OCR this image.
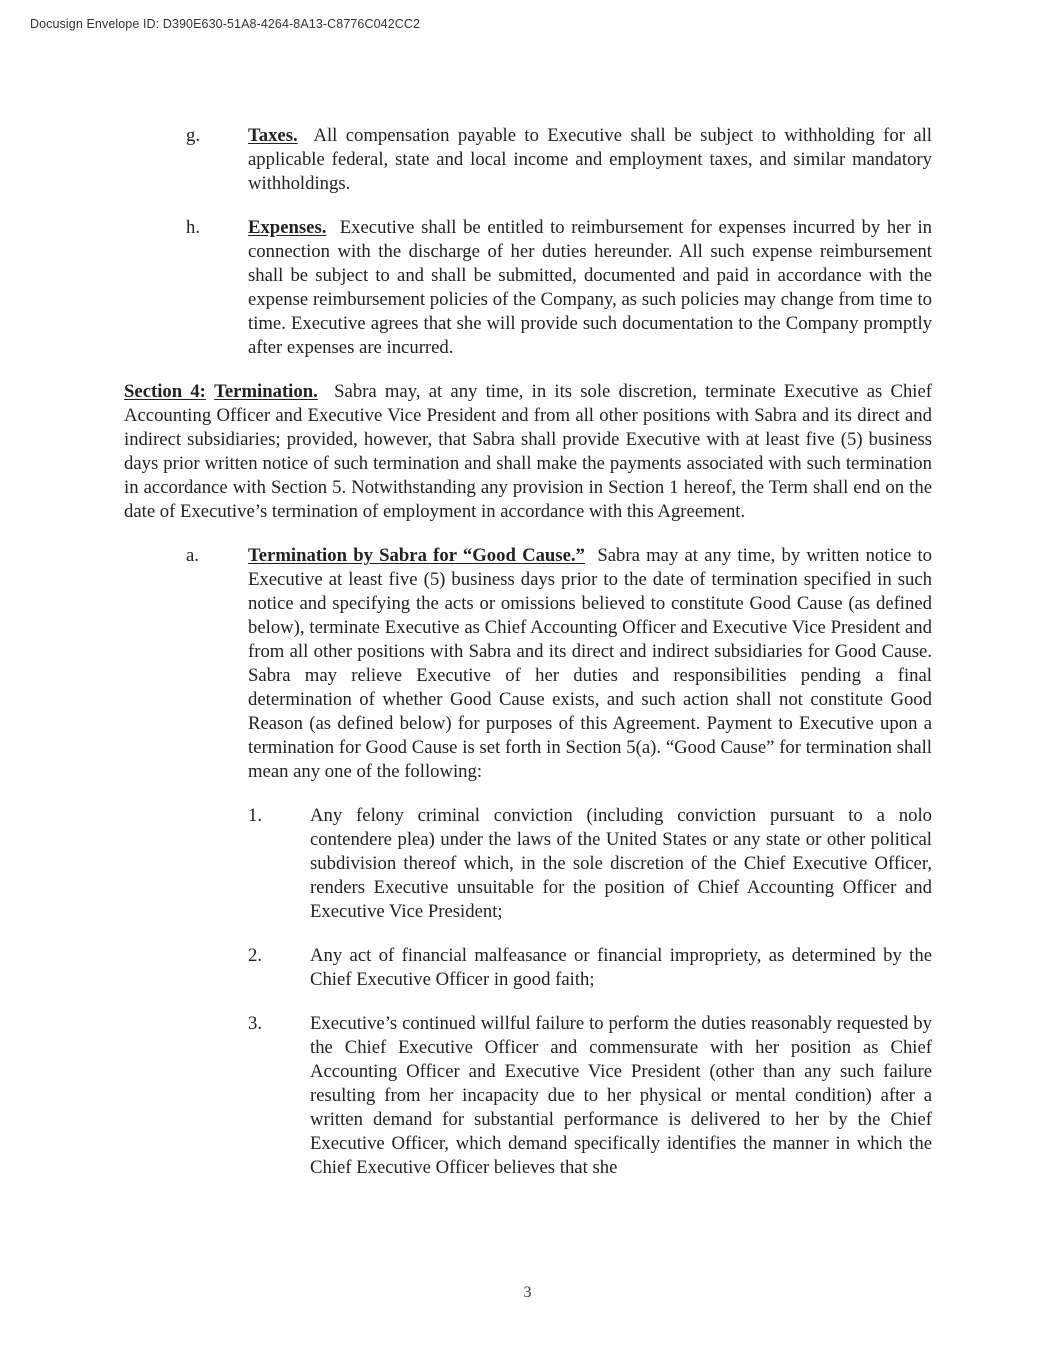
Docusign Envelope ID: D390E630-51A8-4264-8A13-C8776C042CC2
g.	Taxes. All compensation payable to Executive shall be subject to withholding for all applicable federal, state and local income and employment taxes, and similar mandatory withholdings.
h.	Expenses. Executive shall be entitled to reimbursement for expenses incurred by her in connection with the discharge of her duties hereunder. All such expense reimbursement shall be subject to and shall be submitted, documented and paid in accordance with the expense reimbursement policies of the Company, as such policies may change from time to time. Executive agrees that she will provide such documentation to the Company promptly after expenses are incurred.
Section 4: Termination. Sabra may, at any time, in its sole discretion, terminate Executive as Chief Accounting Officer and Executive Vice President and from all other positions with Sabra and its direct and indirect subsidiaries; provided, however, that Sabra shall provide Executive with at least five (5) business days prior written notice of such termination and shall make the payments associated with such termination in accordance with Section 5. Notwithstanding any provision in Section 1 hereof, the Term shall end on the date of Executive’s termination of employment in accordance with this Agreement.
a.	Termination by Sabra for “Good Cause.” Sabra may at any time, by written notice to Executive at least five (5) business days prior to the date of termination specified in such notice and specifying the acts or omissions believed to constitute Good Cause (as defined below), terminate Executive as Chief Accounting Officer and Executive Vice President and from all other positions with Sabra and its direct and indirect subsidiaries for Good Cause. Sabra may relieve Executive of her duties and responsibilities pending a final determination of whether Good Cause exists, and such action shall not constitute Good Reason (as defined below) for purposes of this Agreement. Payment to Executive upon a termination for Good Cause is set forth in Section 5(a). “Good Cause” for termination shall mean any one of the following:
1.	Any felony criminal conviction (including conviction pursuant to a nolo contendere plea) under the laws of the United States or any state or other political subdivision thereof which, in the sole discretion of the Chief Executive Officer, renders Executive unsuitable for the position of Chief Accounting Officer and Executive Vice President;
2.	Any act of financial malfeasance or financial impropriety, as determined by the Chief Executive Officer in good faith;
3.	Executive’s continued willful failure to perform the duties reasonably requested by the Chief Executive Officer and commensurate with her position as Chief Accounting Officer and Executive Vice President (other than any such failure resulting from her incapacity due to her physical or mental condition) after a written demand for substantial performance is delivered to her by the Chief Executive Officer, which demand specifically identifies the manner in which the Chief Executive Officer believes that she
3
